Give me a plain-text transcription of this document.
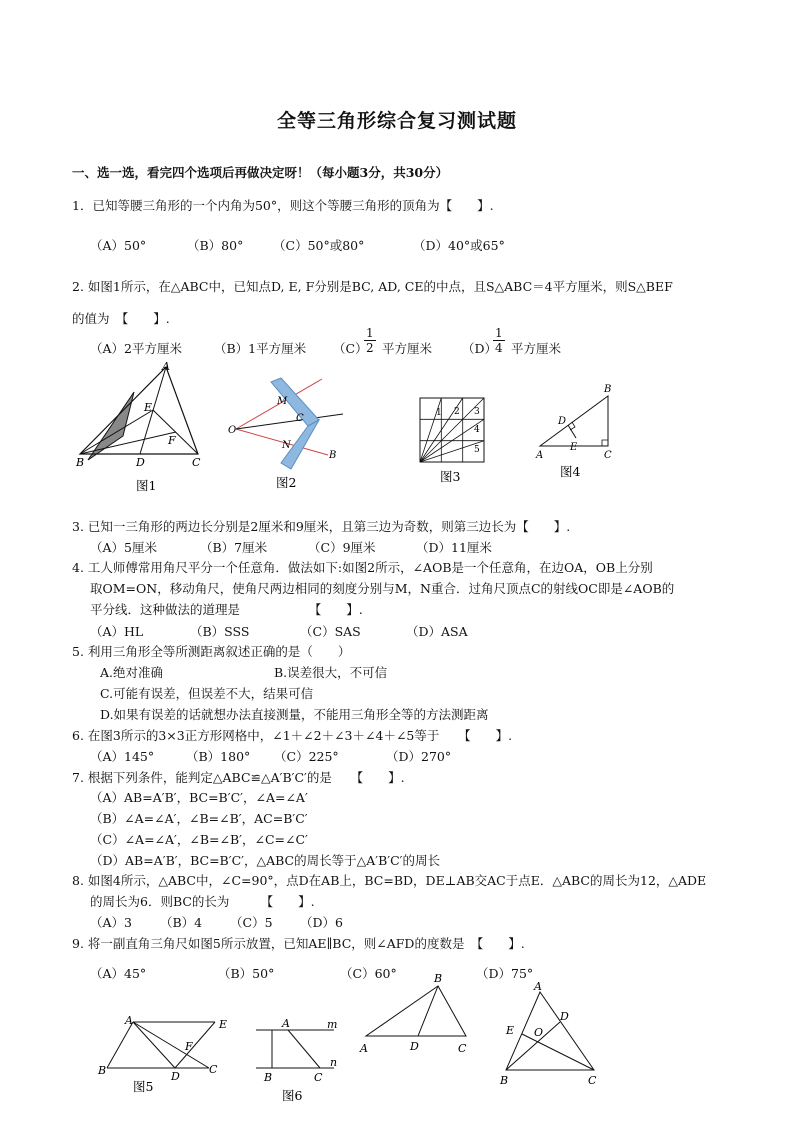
全等三角形综合复习测试题
一、选一选，看完四个选项后再做决定呀！（每小题3分，共30分）
1．已知等腰三角形的一个内角为50°，则这个等腰三角形的顶角为【　　】.
（A）50°	（B）80° （C）50°或80°	（D）40°或65°
2. 如图1所示，在△ABC中，已知点D, E, F分别是BC, AD, CE的中点，且S△ABC＝4平方厘米，则S△BEF
的值为　【　　】.
（A）2平方厘米	（B）1平方厘米 （C）
$\frac{1}{2}$ 平方厘米 （D）
$\frac{1}{4}$ 平方厘米
A
E
F
B	D	C
图1
M
O
C
N
B
图2
1 2 3
4
5
图3
B
D
A
E
C
图4
3. 已知一三角形的两边长分别是2厘米和9厘米，且第三边为奇数，则第三边长为【　　】.
（A）5厘米	（B）7厘米	（C）9厘米	（D）11厘米
4. 工人师傅常用角尺平分一个任意角．做法如下:如图2所示，∠AOB是一个任意角，在边OA，OB上分别
取OM=ON，移动角尺，使角尺两边相同的刻度分别与M，N重合．过角尺顶点C的射线OC即是∠AOB的
平分线．这种做法的道理是　　　　　　【　　】.
（A）HL	（B）SSS	（C）SAS	（D）ASA
5. 利用三角形全等所测距离叙述正确的是（　　）
A.绝对准确	B.误差很大，不可信
C.可能有误差，但误差不大，结果可信
D.如果有误差的话就想办法直接测量，不能用三角形全等的方法测距离
6. 在图3所示的3×3正方形网格中，∠1＋∠2＋∠3＋∠4＋∠5等于　　【　　】.
（A）145°	（B）180° （C）225°	（D）270°
7. 根据下列条件，能判定△ABC≌△A′B′C′的是　　【　　】.
（A）AB=A′B′，BC=B′C′，∠A=∠A′
（B）∠A=∠A′，∠B=∠B′，AC=B′C′
（C）∠A=∠A′，∠B=∠B′，∠C=∠C′
（D）AB=A′B′，BC=B′C′，△ABC的周长等于△A′B′C′的周长
8. 如图4所示，△ABC中，∠C=90°，点D在AB上，BC=BD，DE⊥AB交AC于点E．△ABC的周长为12，△ADE
的周长为6．则BC的长为　　　【　　】.
（A）3 （B）4 （C）5 （D）6
9. 将一副直角三角尺如图5所示放置，已知AE∥BC，则∠AFD的度数是　【　　】.
（A）45°	（B）50°	（C）60°	（D）75°
A	E
F
B	D
C
图5
A	m
B	C
n
图6
B
A	D	C
A
E
D
O
B	C
